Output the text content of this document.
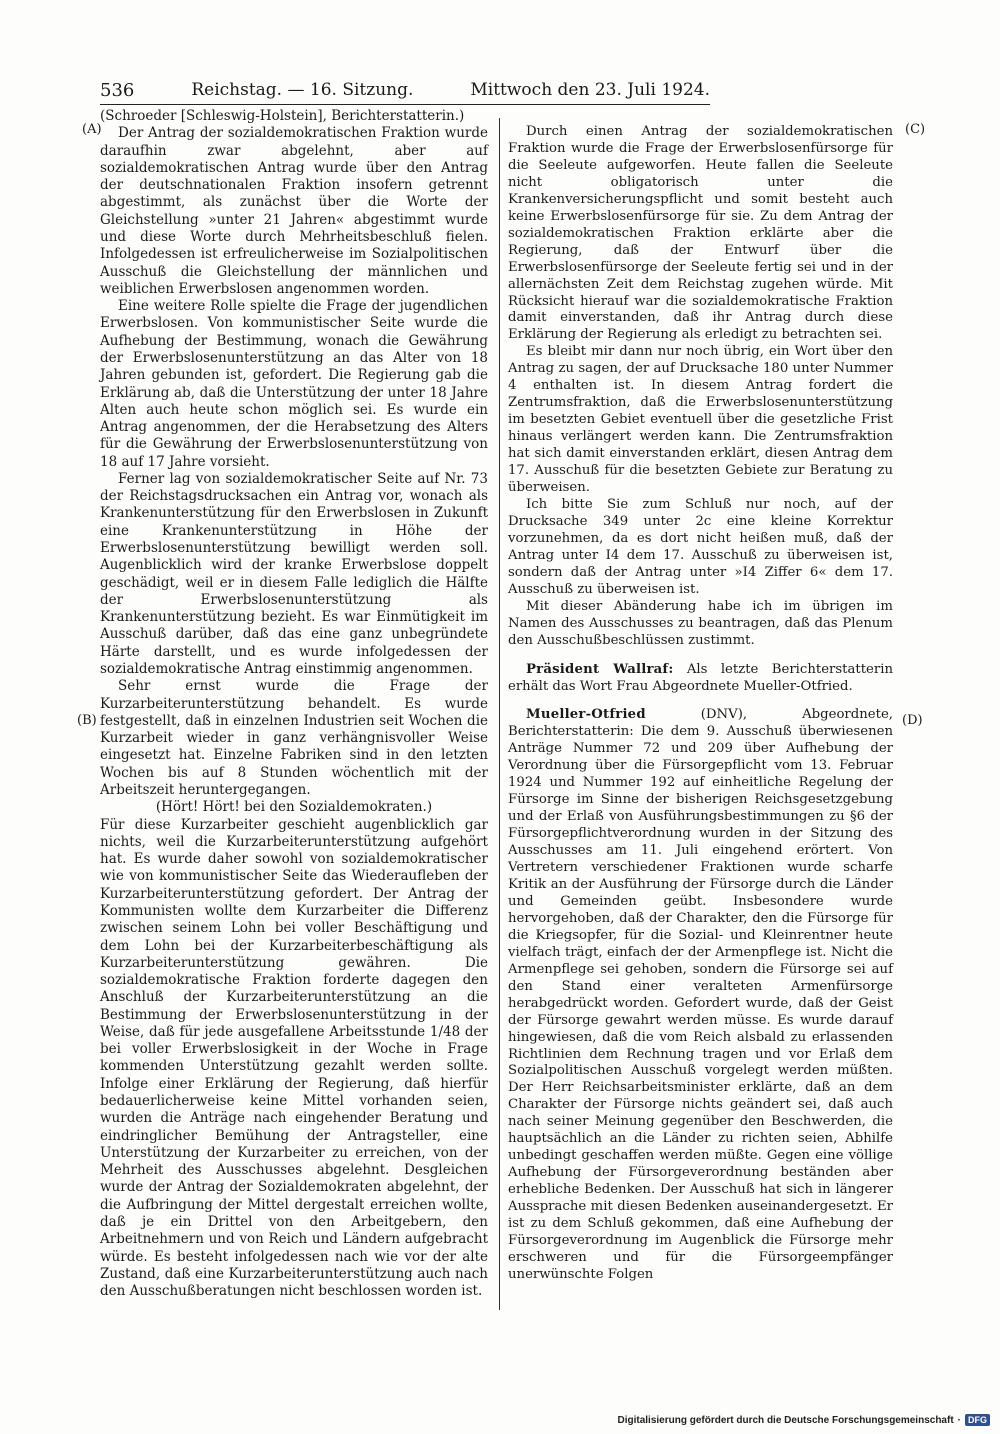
536	Reichstag. — 16. Sitzung.	Mittwoch den 23. Juli 1924.
(A)
(B)
(C)
(D)

(Schroeder [Schleswig-Holstein], Berichterstatterin.)

Der Antrag der sozialdemokratischen Fraktion wurde daraufhin zwar abgelehnt, aber auf sozialdemokratischen Antrag wurde über den Antrag der deutschnationalen Fraktion insofern getrennt abgestimmt, als zunächst über die Worte der Gleichstellung »unter 21 Jahren« abgestimmt wurde und diese Worte durch Mehrheitsbeschluß fielen. Infolgedessen ist erfreulicherweise im Sozialpolitischen Ausschuß die Gleichstellung der männlichen und weiblichen Erwerbslosen angenommen worden.

Eine weitere Rolle spielte die Frage der jugendlichen Erwerbslosen. Von kommunistischer Seite wurde die Aufhebung der Bestimmung, wonach die Gewährung der Erwerbslosenunterstützung an das Alter von 18 Jahren gebunden ist, gefordert. Die Regierung gab die Erklärung ab, daß die Unterstützung der unter 18 Jahre Alten auch heute schon möglich sei. Es wurde ein Antrag angenommen, der die Herabsetzung des Alters für die Gewährung der Erwerbslosenunterstützung von 18 auf 17 Jahre vorsieht.

Ferner lag von sozialdemokratischer Seite auf Nr. 73 der Reichstagsdrucksachen ein Antrag vor, wonach als Krankenunterstützung für den Erwerbslosen in Zukunft eine Krankenunterstützung in Höhe der Erwerbslosenunterstützung bewilligt werden soll. Augenblicklich wird der kranke Erwerbslose doppelt geschädigt, weil er in diesem Falle lediglich die Hälfte der Erwerbslosenunterstützung als Krankenunterstützung bezieht. Es war Einmütigkeit im Ausschuß darüber, daß das eine ganz unbegründete Härte darstellt, und es wurde infolgedessen der sozialdemokratische Antrag einstimmig angenommen.

Sehr ernst wurde die Frage der Kurzarbeiterunterstützung behandelt. Es wurde festgestellt, daß in einzelnen Industrien seit Wochen die Kurzarbeit wieder in ganz verhängnisvoller Weise eingesetzt hat. Einzelne Fabriken sind in den letzten Wochen bis auf 8 Stunden wöchentlich mit der Arbeitszeit heruntergegangen.

(Hört! Hört! bei den Sozialdemokraten.)

Für diese Kurzarbeiter geschieht augenblicklich gar nichts, weil die Kurzarbeiterunterstützung aufgehört hat. Es wurde daher sowohl von sozialdemokratischer wie von kommunistischer Seite das Wiederaufleben der Kurzarbeiterunterstützung gefordert. Der Antrag der Kommunisten wollte dem Kurzarbeiter die Differenz zwischen seinem Lohn bei voller Beschäftigung und dem Lohn bei der Kurzarbeiterbeschäftigung als Kurzarbeiterunterstützung gewähren. Die sozialdemokratische Fraktion forderte dagegen den Anschluß der Kurzarbeiterunterstützung an die Bestimmung der Erwerbslosenunterstützung in der Weise, daß für jede ausgefallene Arbeitsstunde 1/48 der bei voller Erwerbslosigkeit in der Woche in Frage kommenden Unterstützung gezahlt werden sollte. Infolge einer Erklärung der Regierung, daß hierfür bedauerlicherweise keine Mittel vorhanden seien, wurden die Anträge nach eingehender Beratung und eindringlicher Bemühung der Antragsteller, eine Unterstützung der Kurzarbeiter zu erreichen, von der Mehrheit des Ausschusses abgelehnt. Desgleichen wurde der Antrag der Sozialdemokraten abgelehnt, der die Aufbringung der Mittel dergestalt erreichen wollte, daß je ein Drittel von den Arbeitgebern, den Arbeitnehmern und von Reich und Ländern aufgebracht würde. Es besteht infolgedessen nach wie vor der alte Zustand, daß eine Kurzarbeiterunterstützung auch nach den Ausschußberatungen nicht beschlossen worden ist.

Durch einen Antrag der sozialdemokratischen Fraktion wurde die Frage der Erwerbslosenfürsorge für die Seeleute aufgeworfen. Heute fallen die Seeleute nicht obligatorisch unter die Krankenversicherungspflicht und somit besteht auch keine Erwerbslosenfürsorge für sie. Zu dem Antrag der sozialdemokratischen Fraktion erklärte aber die Regierung, daß der Entwurf über die Erwerbslosenfürsorge der Seeleute fertig sei und in der allernächsten Zeit dem Reichstag zugehen würde. Mit Rücksicht hierauf war die sozialdemokratische Fraktion damit einverstanden, daß ihr Antrag durch diese Erklärung der Regierung als erledigt zu betrachten sei.

Es bleibt mir dann nur noch übrig, ein Wort über den Antrag zu sagen, der auf Drucksache 180 unter Nummer 4 enthalten ist. In diesem Antrag fordert die Zentrumsfraktion, daß die Erwerbslosenunterstützung im besetzten Gebiet eventuell über die gesetzliche Frist hinaus verlängert werden kann. Die Zentrumsfraktion hat sich damit einverstanden erklärt, diesen Antrag dem 17. Ausschuß für die besetzten Gebiete zur Beratung zu überweisen.

Ich bitte Sie zum Schluß nur noch, auf der Drucksache 349 unter 2c eine kleine Korrektur vorzunehmen, da es dort nicht heißen muß, daß der Antrag unter I4 dem 17. Ausschuß zu überweisen ist, sondern daß der Antrag unter »I4 Ziffer 6« dem 17. Ausschuß zu überweisen ist.

Mit dieser Abänderung habe ich im übrigen im Namen des Ausschusses zu beantragen, daß das Plenum den Ausschußbeschlüssen zustimmt.

Präsident Wallraf: Als letzte Berichterstatterin erhält das Wort Frau Abgeordnete Mueller-Otfried.

Mueller-Otfried	(DNV), Abgeordnete, Berichterstatterin: Die dem 9. Ausschuß überwiesenen Anträge Nummer 72 und 209 über Aufhebung der Verordnung über die Fürsorgepflicht vom 13. Februar 1924 und Nummer 192 auf einheitliche Regelung der Fürsorge im Sinne der bisherigen Reichsgesetzgebung und der Erlaß von Ausführungsbestimmungen zu §6 der Fürsorgepflichtverordnung wurden in der Sitzung des Ausschusses am 11. Juli eingehend erörtert. Von Vertretern verschiedener Fraktionen wurde scharfe Kritik an der Ausführung der Fürsorge durch die Länder und Gemeinden geübt. Insbesondere wurde hervorgehoben, daß der Charakter, den die Fürsorge für die Kriegsopfer, für die Sozial- und Kleinrentner heute vielfach trägt, einfach der der Armenpflege ist. Nicht die Armenpflege sei gehoben, sondern die Fürsorge sei auf den Stand einer veralteten Armenfürsorge herabgedrückt worden. Gefordert wurde, daß der Geist der Fürsorge gewahrt werden müsse. Es wurde darauf hingewiesen, daß die vom Reich alsbald zu erlassenden Richtlinien dem Rechnung tragen und vor Erlaß dem Sozialpolitischen Ausschuß vorgelegt werden müßten. Der Herr Reichsarbeitsminister erklärte, daß an dem Charakter der Fürsorge nichts geändert sei, daß auch nach seiner Meinung gegenüber den Beschwerden, die hauptsächlich an die Länder zu richten seien, Abhilfe unbedingt geschaffen werden müßte. Gegen eine völlige Aufhebung der Fürsorgeverordnung beständen aber erhebliche Bedenken. Der Ausschuß hat sich in längerer Aussprache mit diesen Bedenken auseinandergesetzt. Er ist zu dem Schluß gekommen, daß eine Aufhebung der Fürsorgeverordnung im Augenblick die Fürsorge mehr erschweren und für die Fürsorgeempfänger unerwünschte Folgen

Digitalisierung gefördert durch die Deutsche Forschungsgemeinschaft · DFG
